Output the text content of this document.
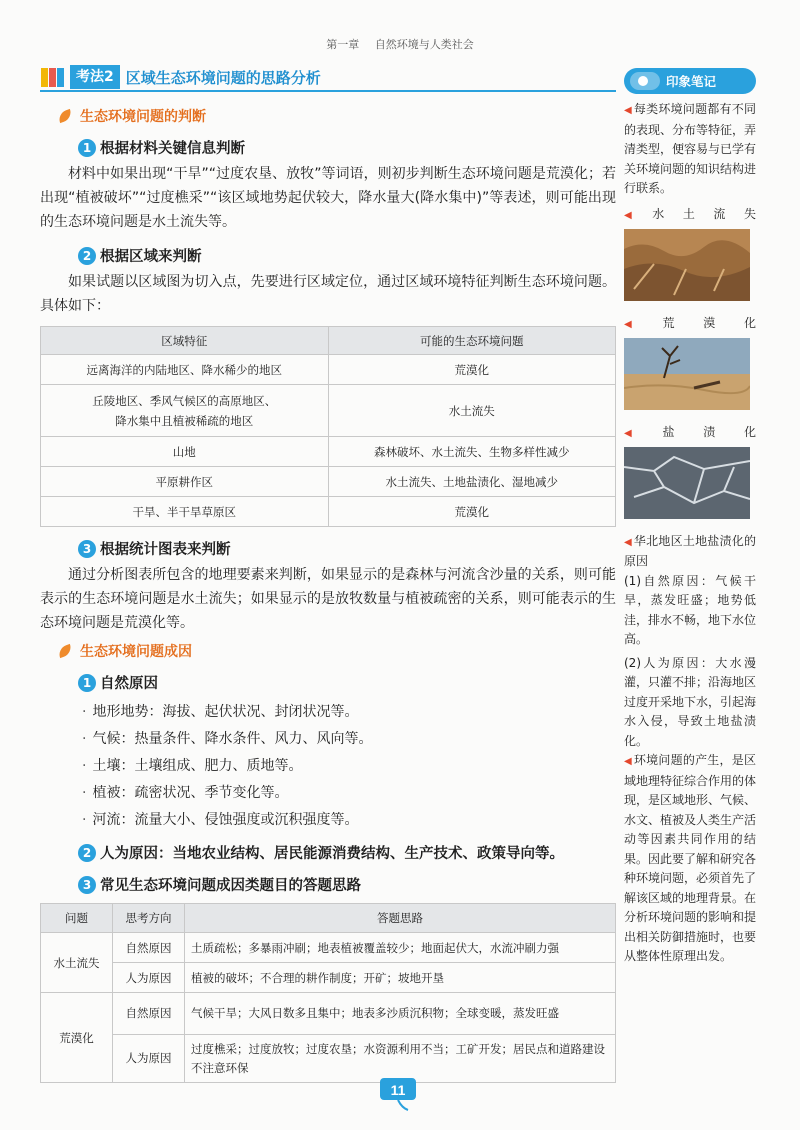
第一章 自然环境与人类社会
考法2 区域生态环境问题的思路分析
生态环境问题的判断
1 根据材料关键信息判断

材料中如果出现“干旱”“过度农垦、放牧”等词语，则初步判断生态环境问题是荒漠化；若出现“植被破坏”“过度樵采”“该区域地势起伏较大，降水量大(降水集中)”等表述，则可能出现的生态环境问题是水土流失等。

2 根据区域来判断

如果试题以区域图为切入点，先要进行区域定位，通过区域环境特征判断生态环境问题。具体如下：

区域特征	可能的生态环境问题
远离海洋的内陆地区、降水稀少的地区	荒漠化
丘陵地区、季风气候区的高原地区、
降水集中且植被稀疏的地区	水土流失
山地	森林破坏、水土流失、生物多样性减少
平原耕作区	水土流失、土地盐渍化、湿地减少
干旱、半干旱草原区	荒漠化
3 根据统计图表来判断

通过分析图表所包含的地理要素来判断，如果显示的是森林与河流含沙量的关系，则可能表示的生态环境问题是水土流失；如果显示的是放牧数量与植被疏密的关系，则可能表示的生态环境问题是荒漠化等。

生态环境问题成因
1 自然原因
· 地形地势：海拔、起伏状况、封闭状况等。
· 气候：热量条件、降水条件、风力、风向等。
· 土壤：土壤组成、肥力、质地等。
· 植被：疏密状况、季节变化等。
· 河流：流量大小、侵蚀强度或沉积强度等。
2 人为原因：当地农业结构、居民能源消费结构、生产技术、政策导向等。
3 常见生态环境问题成因类题目的答题思路
问题	思考方向	答题思路
水土流失	自然原因	土质疏松；多暴雨冲刷；地表植被覆盖较少；地面起伏大，水流冲刷力强
	人为原因	植被的破坏；不合理的耕作制度；开矿；坡地开垦
荒漠化	自然原因	气候干旱；大风日数多且集中；地表多沙质沉积物；全球变暖，蒸发旺盛
	人为原因	过度樵采；过度放牧；过度农垦；水资源利用不当；工矿开发；居民点和道路建设不注意环保
印象笔记
◀ 每类环境问题都有不同的表现、分布等特征，弄清类型，便容易与已学有关环境问题的知识结构进行联系。
◀ 水土流失
◀ 荒漠化
◀ 盐渍化
◀ 华北地区土地盐渍化的原因
(1)自然原因：气候干旱，蒸发旺盛；地势低洼，排水不畅，地下水位高。
(2)人为原因：大水漫灌，只灌不排；沿海地区过度开采地下水，引起海水入侵，导致土地盐渍化。
◀ 环境问题的产生，是区域地理特征综合作用的体现，是区域地形、气候、水文、植被及人类生产活动等因素共同作用的结果。因此要了解和研究各种环境问题，必须首先了解该区域的地理背景。在分析环境问题的影响和提出相关防御措施时，也要从整体性原理出发。
11
